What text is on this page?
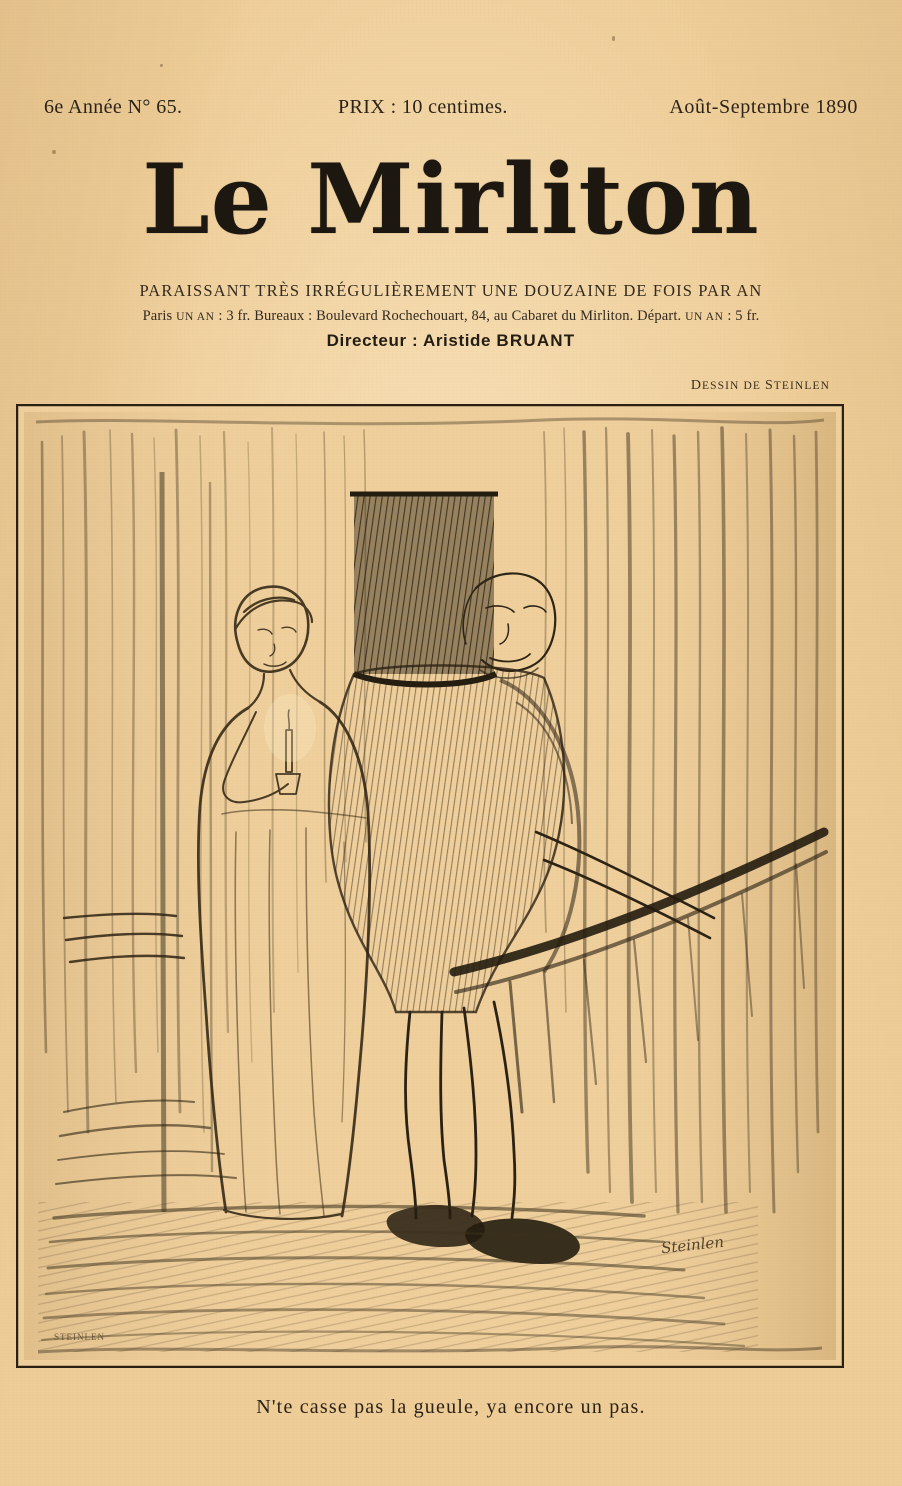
6e Année N° 65.	PRIX : 10 centimes.	Août-Septembre 1890
Le Mirliton
PARAISSANT TRÈS IRRÉGULIÈREMENT UNE DOUZAINE DE FOIS PAR AN
Paris UN AN : 3 fr. Bureaux : Boulevard Rochechouart, 84, au Cabaret du Mirliton. Départ. UN AN : 5 fr.
Directeur : Aristide BRUANT
DESSIN DE STEINLEN
Steinlen
STEINLEN
N'te casse pas la gueule, ya encore un pas.
